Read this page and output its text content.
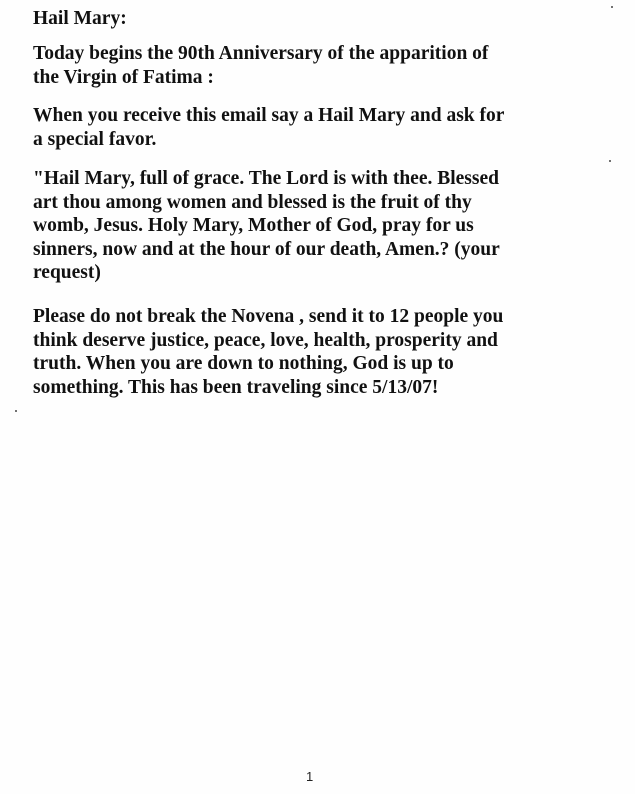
Hail Mary:

Today begins the 90th Anniversary of the apparition of
the Virgin of Fatima :

When you receive this email say a Hail Mary and ask for
a special favor.

"Hail Mary, full of grace. The Lord is with thee. Blessed
art thou among women and blessed is the fruit of thy
womb, Jesus. Holy Mary, Mother of God, pray for us
sinners, now and at the hour of our death, Amen.? (your
request)

Please do not break the Novena , send it to 12 people you
think deserve justice, peace, love, health, prosperity and
truth. When you are down to nothing, God is up to
something. This has been traveling since 5/13/07!

1
